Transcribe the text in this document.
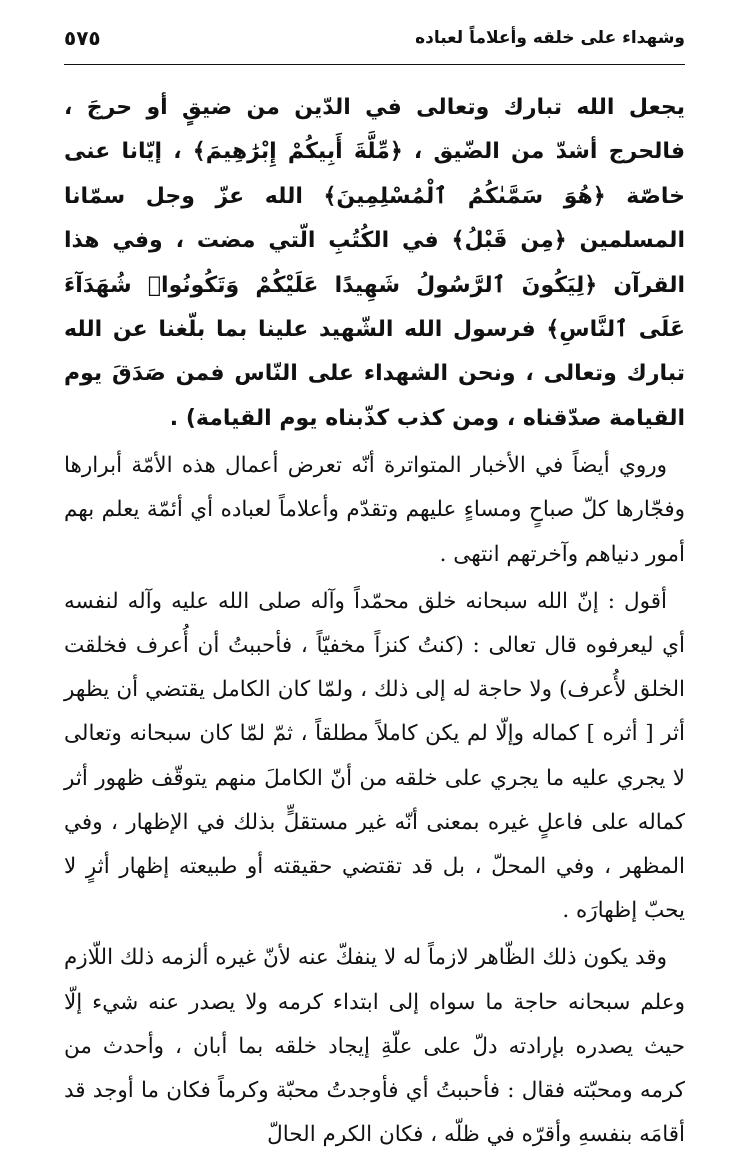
وشهداء على خلقه وأعلاماً لعباده
٥٧٥

يجعل الله تبارك وتعالى في الدّين من ضيقٍ أو حرجَ ، فالحرج أشدّ من الضّيق ، ﴿مِّلَّةَ أَبِيكُمْ إِبْرَٰهِيمَ﴾ ، إيّانا عنى خاصّة ﴿هُوَ سَمَّىٰكُمُ ٱلْمُسْلِمِينَ﴾ الله عزّ وجل سمّانا المسلمين ﴿مِن قَبْلُ﴾ في الكُتُبِ الّتي مضت ، وفي هذا القرآن ﴿لِيَكُونَ ٱلرَّسُولُ شَهِيدًا عَلَيْكُمْ وَتَكُونُوا۟ شُهَدَآءَ عَلَى ٱلنَّاسِ﴾ فرسول الله الشّهيد علينا بما بلّغنا عن الله تبارك وتعالى ، ونحن الشهداء على النّاس فمن صَدَقَ يوم القيامة صدّقناه ، ومن كذب كذّبناه يوم القيامة) .

وروي أيضاً في الأخبار المتواترة أنّه تعرض أعمال هذه الأمّة أبرارها وفجّارها كلّ صباحٍ ومساءٍ عليهم وتقدّم وأعلاماً لعباده أي أئمّة يعلم بهم أمور دنياهم وآخرتهم انتهى .

أقول : إنّ الله سبحانه خلق محمّداً وآله صلى الله عليه وآله لنفسه أي ليعرفوه قال تعالى : (كنتُ كنزاً مخفيّاً ، فأحببتُ أن أُعرف فخلقت الخلق لأُعرف) ولا حاجة له إلى ذلك ، ولمّا كان الكامل يقتضي أن يظهر أثر [ أثره ] كماله وإلّا لم يكن كاملاً مطلقاً ، ثمّ لمّا كان سبحانه وتعالى لا يجري عليه ما يجري على خلقه من أنّ الكاملَ منهم يتوقّف ظهور أثر كماله على فاعلٍ غيره بمعنى أنّه غير مستقلٍّ بذلك في الإظهار ، وفي المظهر ، وفي المحلّ ، بل قد تقتضي حقيقته أو طبيعته إظهار أثرٍ لا يحبّ إظهارَه .

وقد يكون ذلك الظّاهر لازماً له لا ينفكّ عنه لأنّ غيره ألزمه ذلك اللّازم وعلم سبحانه حاجة ما سواه إلى ابتداء كرمه ولا يصدر عنه شيء إلّا حيث يصدره بإرادته دلّ على علّةِ إيجاد خلقه بما أبان ، وأحدث من كرمه ومحبّته فقال : فأحببتُ أي فأوجدتُ محبّة وكرماً فكان ما أوجد قد أقامَه بنفسهِ وأقرّه في ظلّه ، فكان الكرم الحالّ
